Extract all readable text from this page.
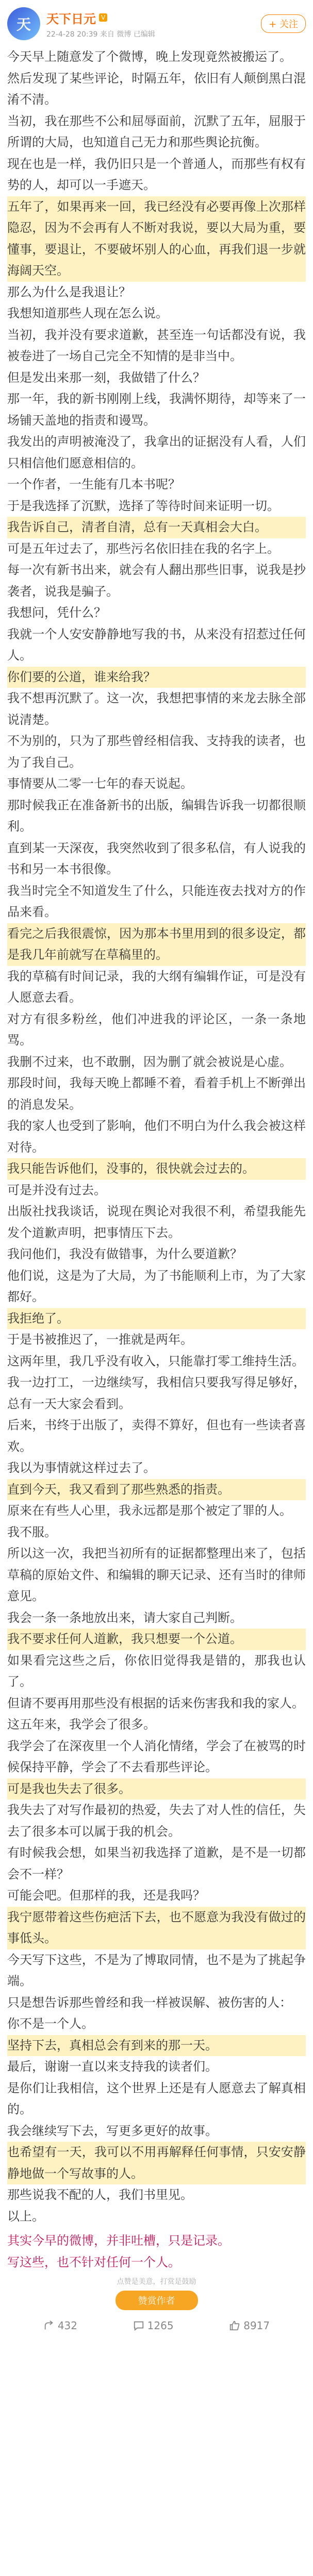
天 天下日元 V
22-4-28 20:39 来自 微博 已编辑
+ 关注

今天早上随意发了个微博，晚上发现竟然被搬运了。

然后发现了某些评论，时隔五年，依旧有人颠倒黑白混淆不清。

当初，我在那些不公和屈辱面前，沉默了五年，屈服于所谓的大局，也知道自己无力和那些舆论抗衡。

现在也是一样，我仍旧只是一个普通人，而那些有权有势的人，却可以一手遮天。

五年了，如果再来一回，我已经没有必要再像上次那样隐忍，因为不会再有人不断对我说，要以大局为重，要懂事，要退让，不要破坏别人的心血，再我们退一步就海阔天空。

那么为什么是我退让？

我想知道那些人现在怎么说。

当初，我并没有要求道歉，甚至连一句话都没有说，我被卷进了一场自己完全不知情的是非当中。

但是发出来那一刻，我做错了什么？

那一年，我的新书刚刚上线，我满怀期待，却等来了一场铺天盖地的指责和谩骂。

我发出的声明被淹没了，我拿出的证据没有人看，人们只相信他们愿意相信的。

一个作者，一生能有几本书呢？

于是我选择了沉默，选择了等待时间来证明一切。

我告诉自己，清者自清，总有一天真相会大白。

可是五年过去了，那些污名依旧挂在我的名字上。

每一次有新书出来，就会有人翻出那些旧事，说我是抄袭者，说我是骗子。

我想问，凭什么？

我就一个人安安静静地写我的书，从来没有招惹过任何人。

你们要的公道，谁来给我？

我不想再沉默了。这一次，我想把事情的来龙去脉全部说清楚。

不为别的，只为了那些曾经相信我、支持我的读者，也为了我自己。

事情要从二零一七年的春天说起。

那时候我正在准备新书的出版，编辑告诉我一切都很顺利。

直到某一天深夜，我突然收到了很多私信，有人说我的书和另一本书很像。

我当时完全不知道发生了什么，只能连夜去找对方的作品来看。

看完之后我很震惊，因为那本书里用到的很多设定，都是我几年前就写在草稿里的。

我的草稿有时间记录，我的大纲有编辑作证，可是没有人愿意去看。

对方有很多粉丝，他们冲进我的评论区，一条一条地骂。

我删不过来，也不敢删，因为删了就会被说是心虚。

那段时间，我每天晚上都睡不着，看着手机上不断弹出的消息发呆。

我的家人也受到了影响，他们不明白为什么我会被这样对待。

我只能告诉他们，没事的，很快就会过去的。

可是并没有过去。

出版社找我谈话，说现在舆论对我很不利，希望我能先发个道歉声明，把事情压下去。

我问他们，我没有做错事，为什么要道歉？

他们说，这是为了大局，为了书能顺利上市，为了大家都好。

我拒绝了。

于是书被推迟了，一推就是两年。

这两年里，我几乎没有收入，只能靠打零工维持生活。

我一边打工，一边继续写，我相信只要我写得足够好，总有一天大家会看到。

后来，书终于出版了，卖得不算好，但也有一些读者喜欢。

我以为事情就这样过去了。

直到今天，我又看到了那些熟悉的指责。

原来在有些人心里，我永远都是那个被定了罪的人。

我不服。

所以这一次，我把当初所有的证据都整理出来了，包括草稿的原始文件、和编辑的聊天记录、还有当时的律师意见。

我会一条一条地放出来，请大家自己判断。

我不要求任何人道歉，我只想要一个公道。

如果看完这些之后，你依旧觉得我是错的，那我也认了。

但请不要再用那些没有根据的话来伤害我和我的家人。

这五年来，我学会了很多。

我学会了在深夜里一个人消化情绪，学会了在被骂的时候保持平静，学会了不去看那些评论。

可是我也失去了很多。

我失去了对写作最初的热爱，失去了对人性的信任，失去了很多本可以属于我的机会。

有时候我会想，如果当初我选择了道歉，是不是一切都会不一样？

可能会吧。但那样的我，还是我吗？

我宁愿带着这些伤疤活下去，也不愿意为我没有做过的事低头。

今天写下这些，不是为了博取同情，也不是为了挑起争端。

只是想告诉那些曾经和我一样被误解、被伤害的人：

你不是一个人。

坚持下去，真相总会有到来的那一天。

最后，谢谢一直以来支持我的读者们。

是你们让我相信，这个世界上还是有人愿意去了解真相的。

我会继续写下去，写更多更好的故事。

也希望有一天，我可以不用再解释任何事情，只安安静静地做一个写故事的人。

那些说我不配的人，我们书里见。

以上。

其实今早的微博，并非吐槽，只是记录。

写这些，也不针对任何一个人。

点赞是美意，打赏是鼓励
赞赏作者
432	1265	8917
